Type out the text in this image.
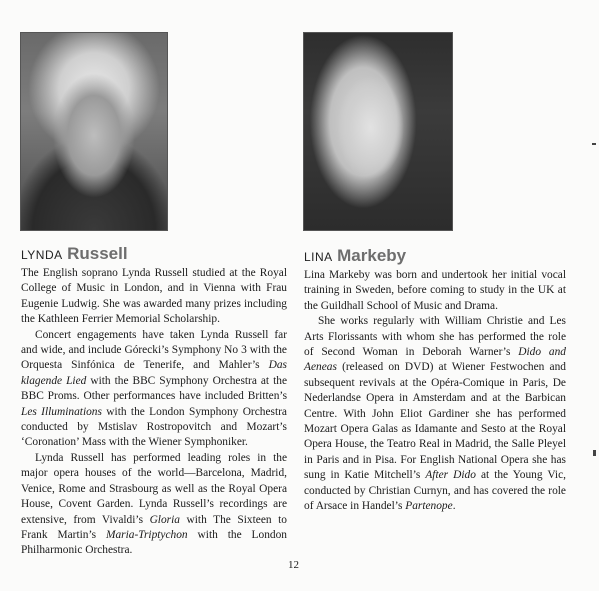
LYNDA Russell

The English soprano Lynda Russell studied at the Royal College of Music in London, and in Vienna with Frau Eugenie Ludwig. She was awarded many prizes including the Kathleen Ferrier Memorial Scholarship.

Concert engagements have taken Lynda Russell far and wide, and include Górecki’s Symphony No 3 with the Orquesta Sinfónica de Tenerife, and Mahler’s Das klagende Lied with the BBC Symphony Orchestra at the BBC Proms. Other performances have included Britten’s Les Illuminations with the London Symphony Orchestra conducted by Mstislav Rostropovitch and Mozart’s ‘Coronation’ Mass with the Wiener Symphoniker.

Lynda Russell has performed leading roles in the major opera houses of the world—Barcelona, Madrid, Venice, Rome and Strasbourg as well as the Royal Opera House, Covent Garden. Lynda Russell’s recordings are extensive, from Vivaldi’s Gloria with The Sixteen to Frank Martin’s Maria-Triptychon with the London Philharmonic Orchestra.

LINA Markeby

Lina Markeby was born and undertook her initial vocal training in Sweden, before coming to study in the UK at the Guildhall School of Music and Drama.

She works regularly with William Christie and Les Arts Florissants with whom she has performed the role of Second Woman in Deborah Warner’s Dido and Aeneas (released on DVD) at Wiener Festwochen and subsequent revivals at the Opéra-Comique in Paris, De Nederlandse Opera in Amsterdam and at the Barbican Centre. With John Eliot Gardiner she has performed Mozart Opera Galas as Idamante and Sesto at the Royal Opera House, the Teatro Real in Madrid, the Salle Pleyel in Paris and in Pisa. For English National Opera she has sung in Katie Mitchell’s After Dido at the Young Vic, conducted by Christian Curnyn, and has covered the role of Arsace in Handel’s Partenope.

12
